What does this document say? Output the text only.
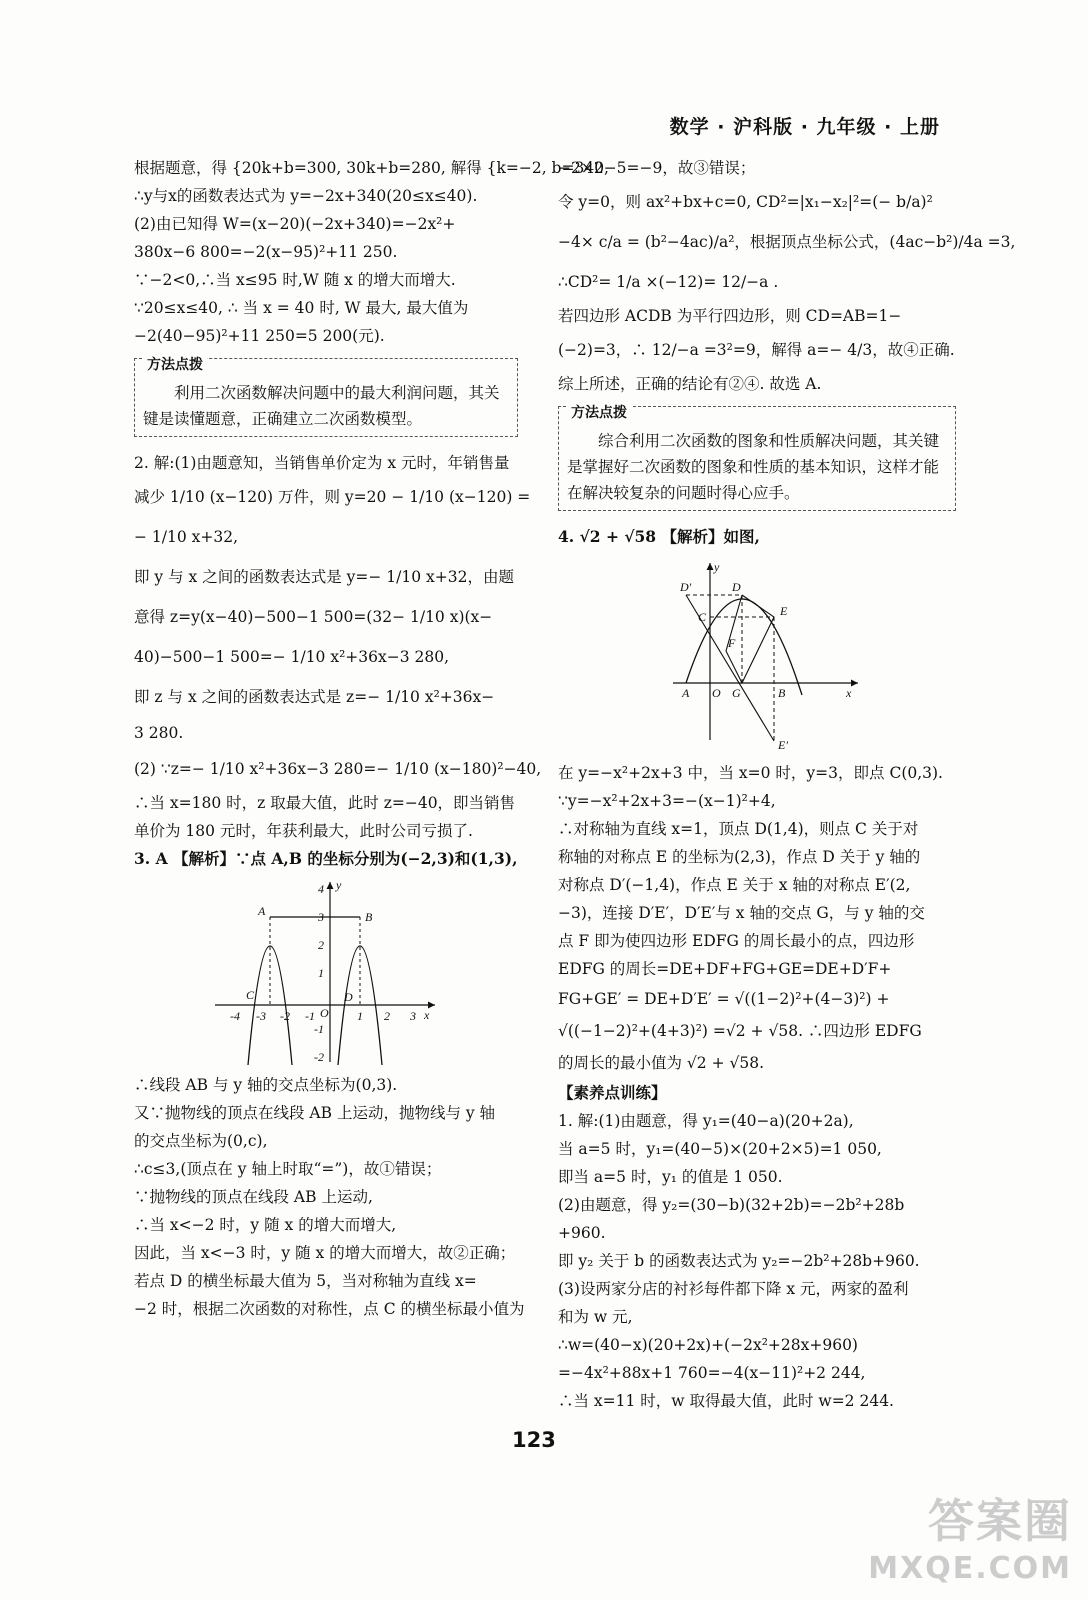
数学 · 沪科版 · 九年级 · 上册

根据题意，得 {20k+b=300, 30k+b=280, 解得 {k=−2, b=340,

∴y与x的函数表达式为 y=−2x+340(20≤x≤40).

(2)由已知得 W=(x−20)(−2x+340)=−2x²+

380x−6 800=−2(x−95)²+11 250.

∵−2<0,∴当 x≤95 时,W 随 x 的增大而增大.

∵20≤x≤40, ∴ 当 x = 40 时, W 最大, 最大值为

−2(40−95)²+11 250=5 200(元).

方法点拨

利用二次函数解决问题中的最大利润问题，其关键是读懂题意，正确建立二次函数模型。

2. 解:(1)由题意知，当销售单价定为 x 元时，年销售量

减少 1/10 (x−120) 万件，则 y=20 − 1/10 (x−120) =

− 1/10 x+32,

即 y 与 x 之间的函数表达式是 y=− 1/10 x+32，由题

意得 z=y(x−40)−500−1 500=(32− 1/10 x)(x−

40)−500−1 500=− 1/10 x²+36x−3 280,

即 z 与 x 之间的函数表达式是 z=− 1/10 x²+36x−

3 280.

(2) ∵z=− 1/10 x²+36x−3 280=− 1/10 (x−180)²−40,

∴当 x=180 时，z 取最大值，此时 z=−40，即当销售

单价为 180 元时，年获利最大，此时公司亏损了.

3. A 【解析】∵点 A,B 的坐标分别为(−2,3)和(1,3),

-4 -3 -2 -1 O 1 2 3
4
3
2
1
-1
-2
x
y
A	B
C	D

∴线段 AB 与 y 轴的交点坐标为(0,3).

又∵抛物线的顶点在线段 AB 上运动，抛物线与 y 轴

的交点坐标为(0,c),

∴c≤3,(顶点在 y 轴上时取“=”)，故①错误；

∵抛物线的顶点在线段 AB 上运动,

∴当 x<−2 时，y 随 x 的增大而增大,

因此，当 x<−3 时，y 随 x 的增大而增大，故②正确；

若点 D 的横坐标最大值为 5，当对称轴为直线 x=

−2 时，根据二次函数的对称性，点 C 的横坐标最小值为

−2×2−5=−9，故③错误；

令 y=0，则 ax²+bx+c=0, CD²=|x₁−x₂|²=(− b/a)²

−4× c/a = (b²−4ac)/a²，根据顶点坐标公式，(4ac−b²)/4a =3,

∴CD²= 1/a ×(−12)= 12/−a .

若四边形 ACDB 为平行四边形，则 CD=AB=1−

(−2)=3，∴ 12/−a =3²=9，解得 a=− 4/3，故④正确.

综上所述，正确的结论有②④. 故选 A.

方法点拨

综合利用二次函数的图象和性质解决问题，其关键是掌握好二次函数的图象和性质的基本知识，这样才能在解决较复杂的问题时得心应手。

4. √2 + √58 【解析】如图,

y
D′	D
E
C
F
A O G	B	x
E′

在 y=−x²+2x+3 中，当 x=0 时，y=3，即点 C(0,3).

∵y=−x²+2x+3=−(x−1)²+4,

∴对称轴为直线 x=1，顶点 D(1,4)，则点 C 关于对

称轴的对称点 E 的坐标为(2,3)，作点 D 关于 y 轴的

对称点 D′(−1,4)，作点 E 关于 x 轴的对称点 E′(2,

−3)，连接 D′E′，D′E′与 x 轴的交点 G，与 y 轴的交

点 F 即为使四边形 EDFG 的周长最小的点，四边形

EDFG 的周长=DE+DF+FG+GE=DE+D′F+

FG+GE′ = DE+D′E′ = √((1−2)²+(4−3)²) +

√((−1−2)²+(4+3)²) =√2 + √58. ∴四边形 EDFG

的周长的最小值为 √2 + √58.

【素养点训练】

1. 解:(1)由题意，得 y₁=(40−a)(20+2a),

当 a=5 时，y₁=(40−5)×(20+2×5)=1 050,

即当 a=5 时，y₁ 的值是 1 050.

(2)由题意，得 y₂=(30−b)(32+2b)=−2b²+28b

+960.

即 y₂ 关于 b 的函数表达式为 y₂=−2b²+28b+960.

(3)设两家分店的衬衫每件都下降 x 元，两家的盈利

和为 w 元,

∴w=(40−x)(20+2x)+(−2x²+28x+960)

=−4x²+88x+1 760=−4(x−11)²+2 244,

∴当 x=11 时，w 取得最大值，此时 w=2 244.

123
答案圈
MXQE.COM
